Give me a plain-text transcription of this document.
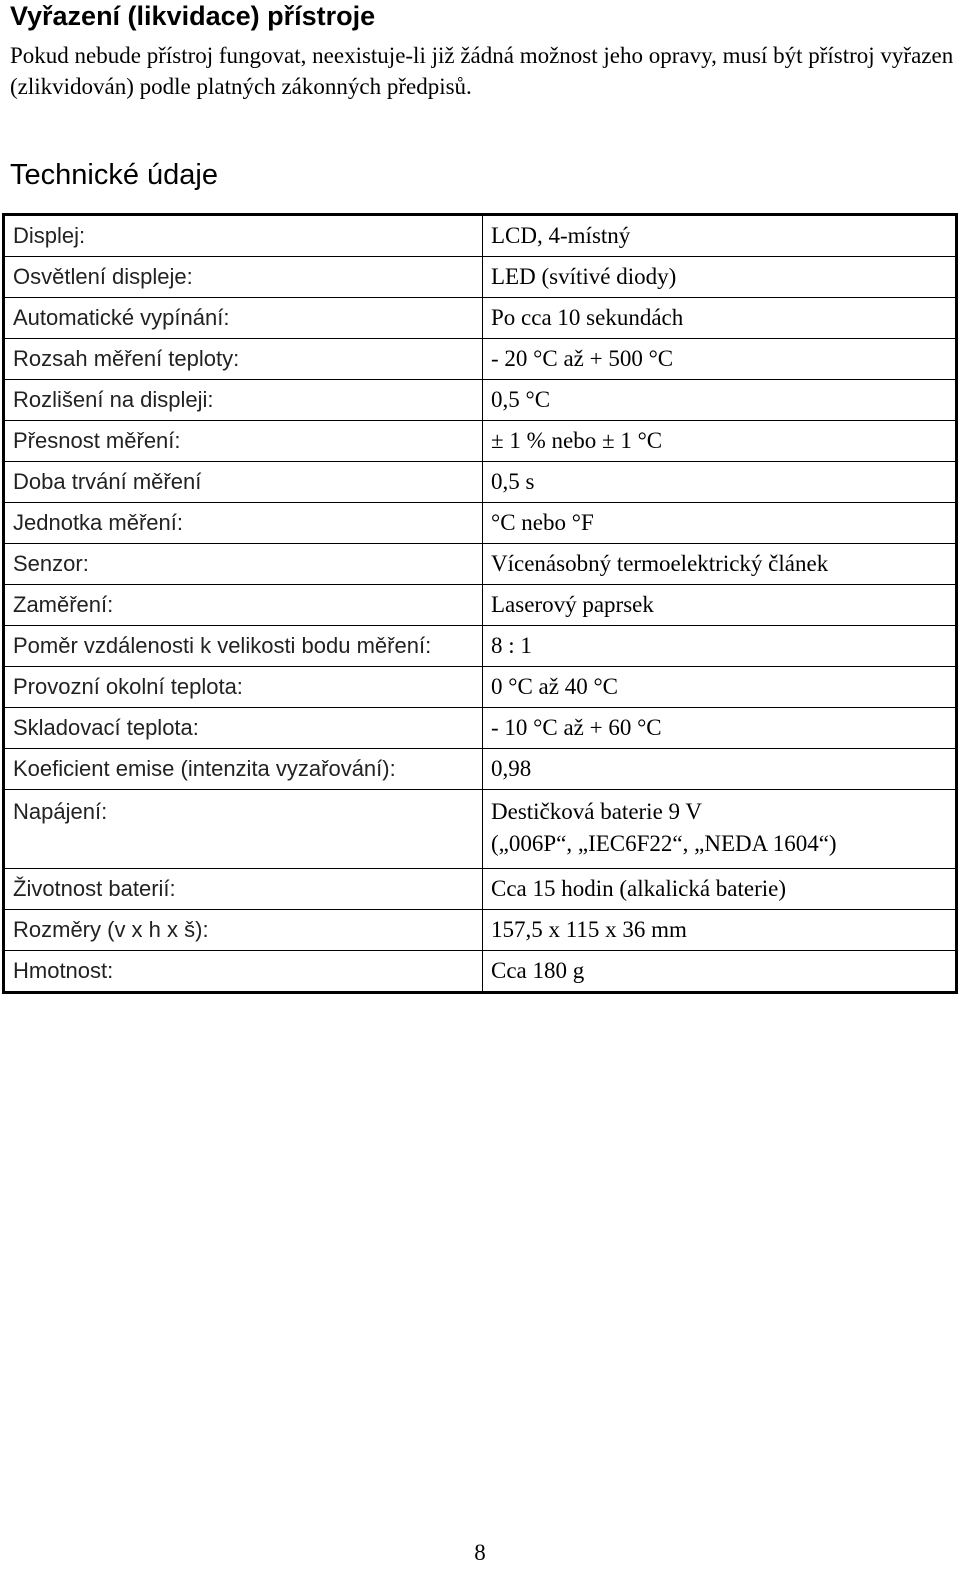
Vyřazení (likvidace) přístroje

Pokud nebude přístroj fungovat, neexistuje-li již žádná možnost jeho opravy, musí být přístroj vyřazen (zlikvidován) podle platných zákonných předpisů.

Technické údaje
Displej:	LCD, 4-místný
Osvětlení displeje:	LED (svítivé diody)
Automatické vypínání:	Po cca 10 sekundách
Rozsah měření teploty:	- 20 °C až + 500 °C
Rozlišení na displeji:	0,5 °C
Přesnost měření:	± 1 % nebo ± 1 °C
Doba trvání měření	0,5 s
Jednotka měření:	°C nebo °F
Senzor:	Vícenásobný termoelektrický článek
Zaměření:	Laserový paprsek
Poměr vzdálenosti k velikosti bodu měření:	8 : 1
Provozní okolní teplota:	0 °C až 40 °C
Skladovací teplota:	- 10 °C až + 60 °C
Koeficient emise (intenzita vyzařování):	0,98
Napájení:	Destičková baterie 9 V
(„006P“, „IEC6F22“, „NEDA 1604“)

Životnost baterií:	Cca 15 hodin (alkalická baterie)
Rozměry (v x h x š):	157,5 x 115 x 36 mm
Hmotnost:	Cca 180 g
8
